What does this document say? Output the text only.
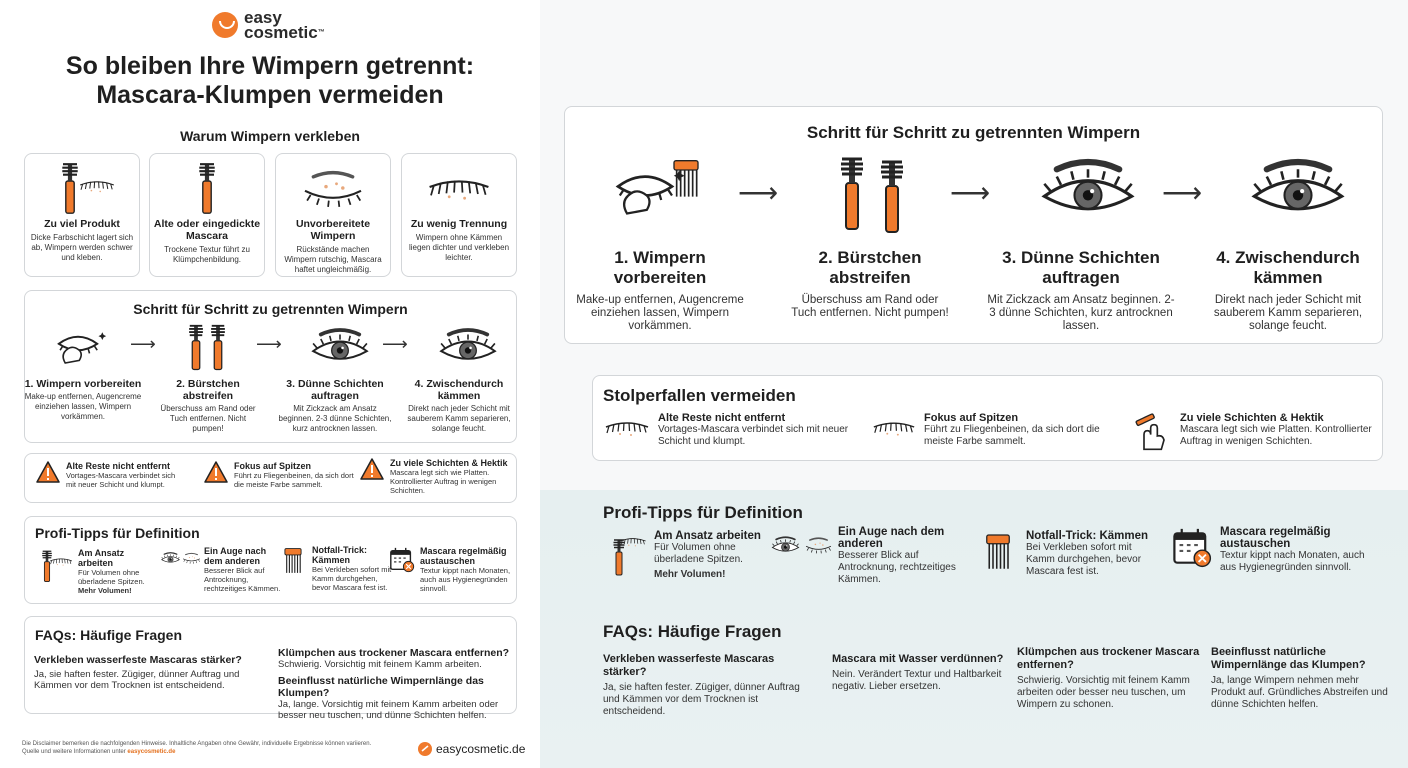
easy
cosmetic™
So bleiben Ihre Wimpern getrennt:
Mascara-Klumpen vermeiden
Warum Wimpern verkleben
Zu viel Produkt
Dicke Farbschicht lagert sich ab, Wimpern werden schwer und kleben.
Alte oder eingedickte Mascara
Trockene Textur führt zu Klümpchenbildung.
Unvorbereitete Wimpern
Rückstände machen Wimpern rutschig, Mascara haftet ungleichmäßig.
Zu wenig Trennung
Wimpern ohne Kämmen liegen dichter und verkleben leichter.
Schritt für Schritt zu getrennten Wimpern
⟶	⟶	⟶
1. Wimpern vorbereiten
Make-up entfernen, Augencreme einziehen lassen, Wimpern vorkämmen.
2. Bürstchen abstreifen
Überschuss am Rand oder Tuch entfernen. Nicht pumpen!
3. Dünne Schichten auftragen
Mit Zickzack am Ansatz beginnen. 2-3 dünne Schichten, kurz antrocknen lassen.
4. Zwischendurch kämmen
Direkt nach jeder Schicht mit sauberem Kamm separieren, solange feucht.
Alte Reste nicht entfernt
Vortages-Mascara verbindet sich mit neuer Schicht und klumpt.
Fokus auf Spitzen
Führt zu Fliegenbeinen, da sich dort die meiste Farbe sammelt.
Zu viele Schichten & Hektik
Mascara legt sich wie Platten. Kontrollierter Auftrag in wenigen Schichten.
Profi-Tipps für Definition
Am Ansatz arbeiten
Für Volumen ohne überladene Spitzen.
Mehr Volumen!
Ein Auge nach dem anderen
Besserer Blick auf Antrocknung, rechtzeitiges Kämmen.
Notfall-Trick: Kämmen
Bei Verkleben sofort mit Kamm durchgehen, bevor Mascara fest ist.
Mascara regelmäßig austauschen
Textur kippt nach Monaten, auch aus Hygienegründen sinnvoll.
FAQs: Häufige Fragen
Verkleben wasserfeste Mascaras stärker?
Ja, sie haften fester. Zügiger, dünner Auftrag und Kämmen vor dem Trocknen ist entscheidend.
Klümpchen aus trockener Mascara entfernen?
Schwierig. Vorsichtig mit feinem Kamm arbeiten.
Beeinflusst natürliche Wimpernlänge das Klumpen?
Ja, lange. Vorsichtig mit feinem Kamm arbeiten oder besser neu tuschen, und dünne Schichten helfen.
Die Disclaimer bemerken die nachfolgenden Hinweise. Inhaltliche Angaben ohne Gewähr, individuelle Ergebnisse können variieren. Quelle und weitere Informationen unter easycosmetic.de	easycosmetic.de
Schritt für Schritt zu getrennten Wimpern
⟶	⟶	⟶
1. Wimpern vorbereiten
Make-up entfernen, Augencreme einziehen lassen, Wimpern vorkämmen.
2. Bürstchen abstreifen
Überschuss am Rand oder Tuch entfernen. Nicht pumpen!
3. Dünne Schichten auftragen
Mit Zickzack am Ansatz beginnen. 2-3 dünne Schichten, kurz antrocknen lassen.
4. Zwischendurch kämmen
Direkt nach jeder Schicht mit sauberem Kamm separieren, solange feucht.
Stolperfallen vermeiden
Alte Reste nicht entfernt
Vortages-Mascara verbindet sich mit neuer Schicht und klumpt.
Fokus auf Spitzen
Führt zu Fliegenbeinen, da sich dort die meiste Farbe sammelt.
Zu viele Schichten & Hektik
Mascara legt sich wie Platten. Kontrollierter Auftrag in wenigen Schichten.
Profi-Tipps für Definition
Am Ansatz arbeiten
Für Volumen ohne überladene Spitzen.
Mehr Volumen!
Ein Auge nach dem anderen
Besserer Blick auf Antrocknung, rechtzeitiges Kämmen.
Notfall-Trick: Kämmen
Bei Verkleben sofort mit Kamm durchgehen, bevor Mascara fest ist.
Mascara regelmäßig austauschen
Textur kippt nach Monaten, auch aus Hygienegründen sinnvoll.
FAQs: Häufige Fragen
Verkleben wasserfeste Mascaras stärker?
Ja, sie haften fester. Zügiger, dünner Auftrag und Kämmen vor dem Trocknen ist entscheidend.
Mascara mit Wasser verdünnen?
Nein. Verändert Textur und Haltbarkeit negativ. Lieber ersetzen.
Klümpchen aus trockener Mascara entfernen?
Schwierig. Vorsichtig mit feinem Kamm arbeiten oder besser neu tuschen, um Wimpern zu schonen.
Beeinflusst natürliche Wimpernlänge das Klumpen?
Ja, lange Wimpern nehmen mehr Produkt auf. Gründliches Abstreifen und dünne Schichten helfen.
